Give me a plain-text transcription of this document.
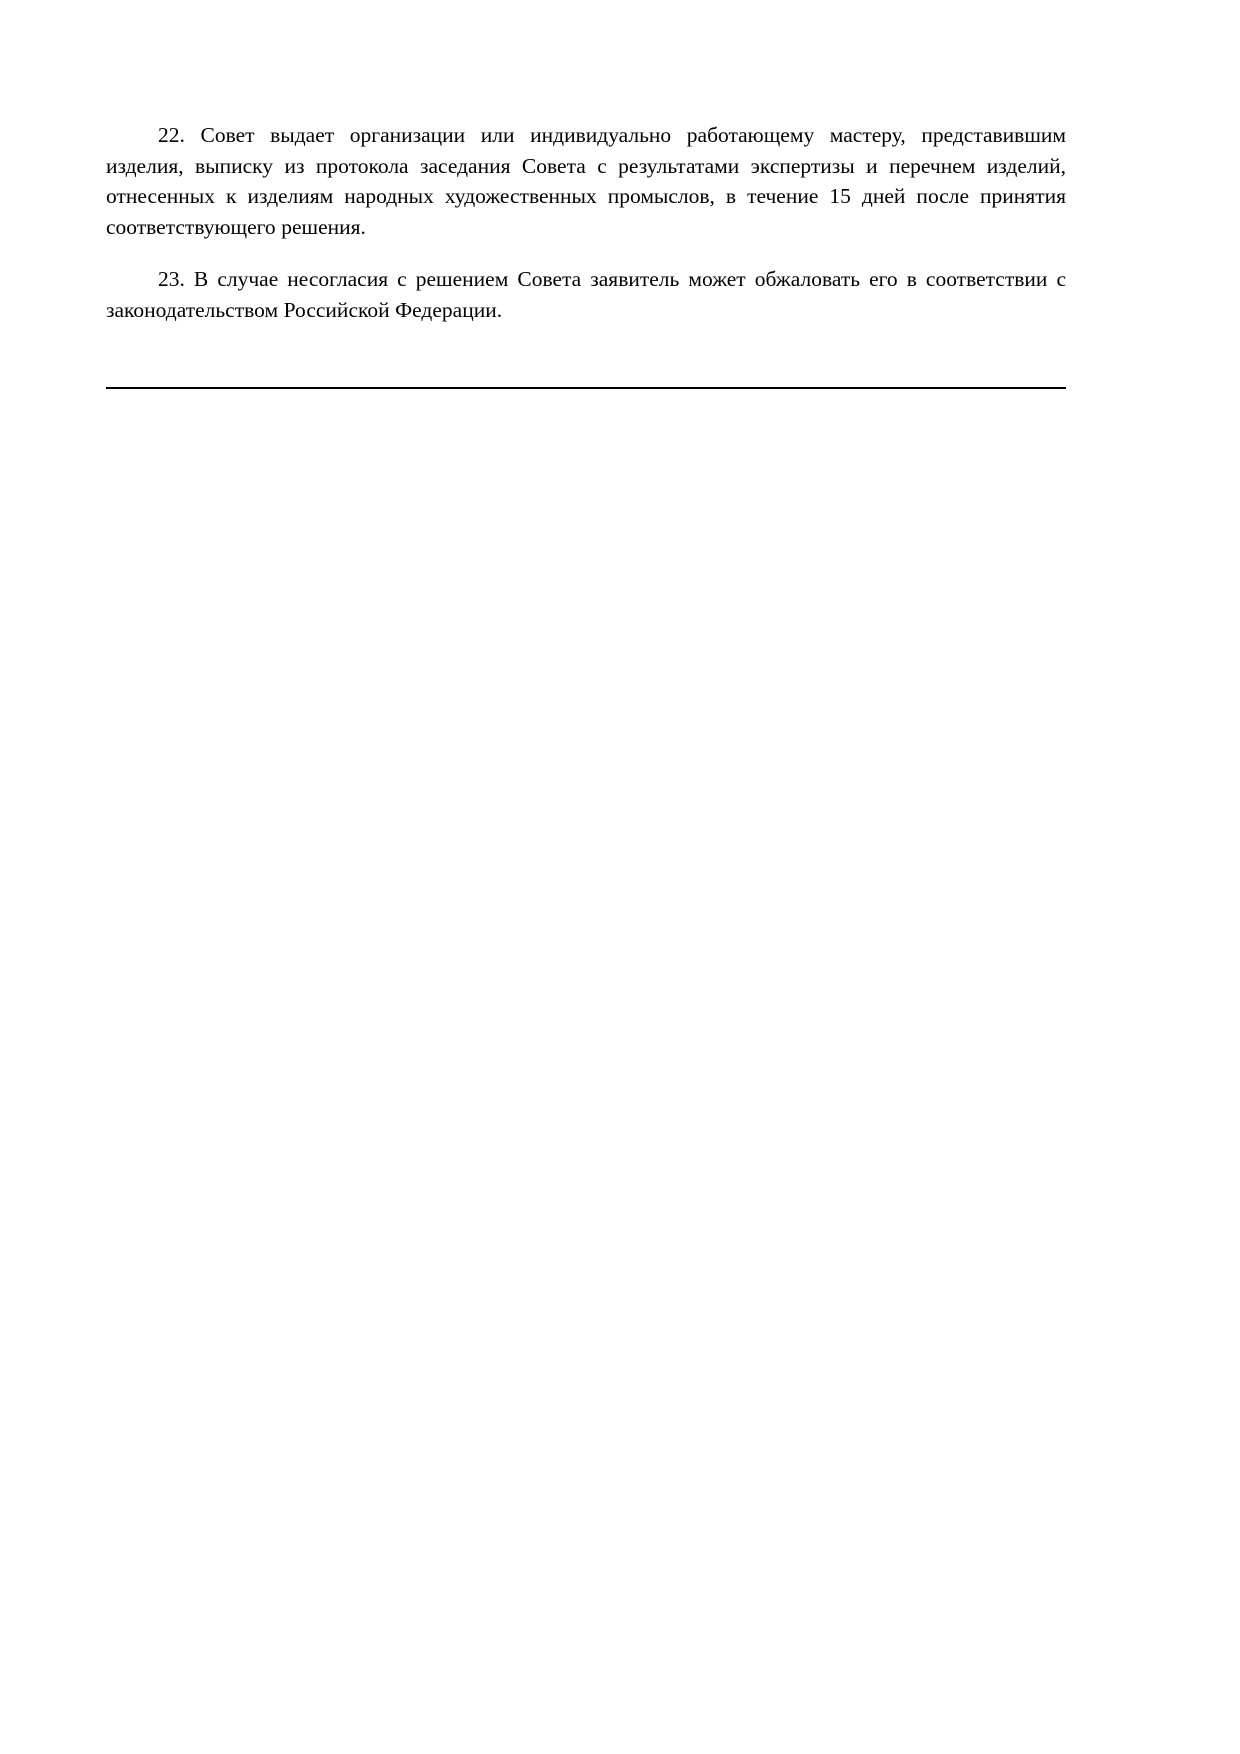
22. Совет выдает организации или индивидуально работающему мастеру, представившим изделия, выписку из протокола заседания Совета с результатами экспертизы и перечнем изделий, отнесенных к изделиям народных художественных промыслов, в течение 15 дней после принятия соответствующего решения.

23. В случае несогласия с решением Совета заявитель может обжаловать его в соответствии с законодательством Российской Федерации.
